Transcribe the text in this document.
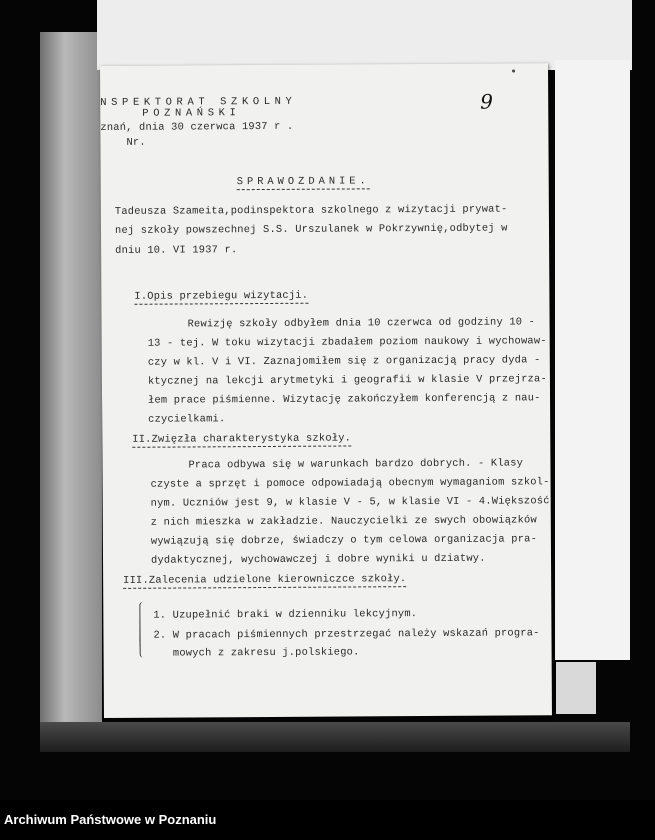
NSPEKTORAT SZKOLNY
POZNAŃSKI
znań, dnia 30 czerwca 1937 r .
Nr.
9
SPRAWOZDANIE.
Tadeusza Szameita,podinspektora szkolnego z wizytacji prywat-
nej szkoły powszechnej S.S. Urszulanek w Pokrzywnię,odbytej w
dniu 10. VI 1937 r.
I.Opis przebiegu wizytacji.
Rewizję szkoły odbyłem dnia 10 czerwca od godziny 10 -
13 - tej. W toku wizytacji zbadałem poziom naukowy i wychowaw-
czy w kl. V i VI. Zaznajomiłem się z organizacją pracy dyda -
ktycznej na lekcji arytmetyki i geografii w klasie V przejrza-
łem prace piśmienne. Wizytację zakończyłem konferencją z nau-
czycielkami.
II.Zwięzła charakterystyka szkoły.
Praca odbywa się w warunkach bardzo dobrych. - Klasy
czyste a sprzęt i pomoce odpowiadają obecnym wymaganiom szkol-
nym. Uczniów jest 9, w klasie V - 5, w klasie VI - 4.Większość
z nich mieszka w zakładzie. Nauczycielki ze swych obowiązków
wywiązują się dobrze, świadczy o tym celowa organizacja pra-
dydaktycznej, wychowawczej i dobre wyniki u dziatwy.
III.Zalecenia udzielone kierowniczce szkoły.
1. Uzupełnić braki w dzienniku lekcyjnym.
2. W pracach piśmiennych przestrzegać należy wskazań progra-
mowych z zakresu j.polskiego.
Archiwum Państwowe w Poznaniu
